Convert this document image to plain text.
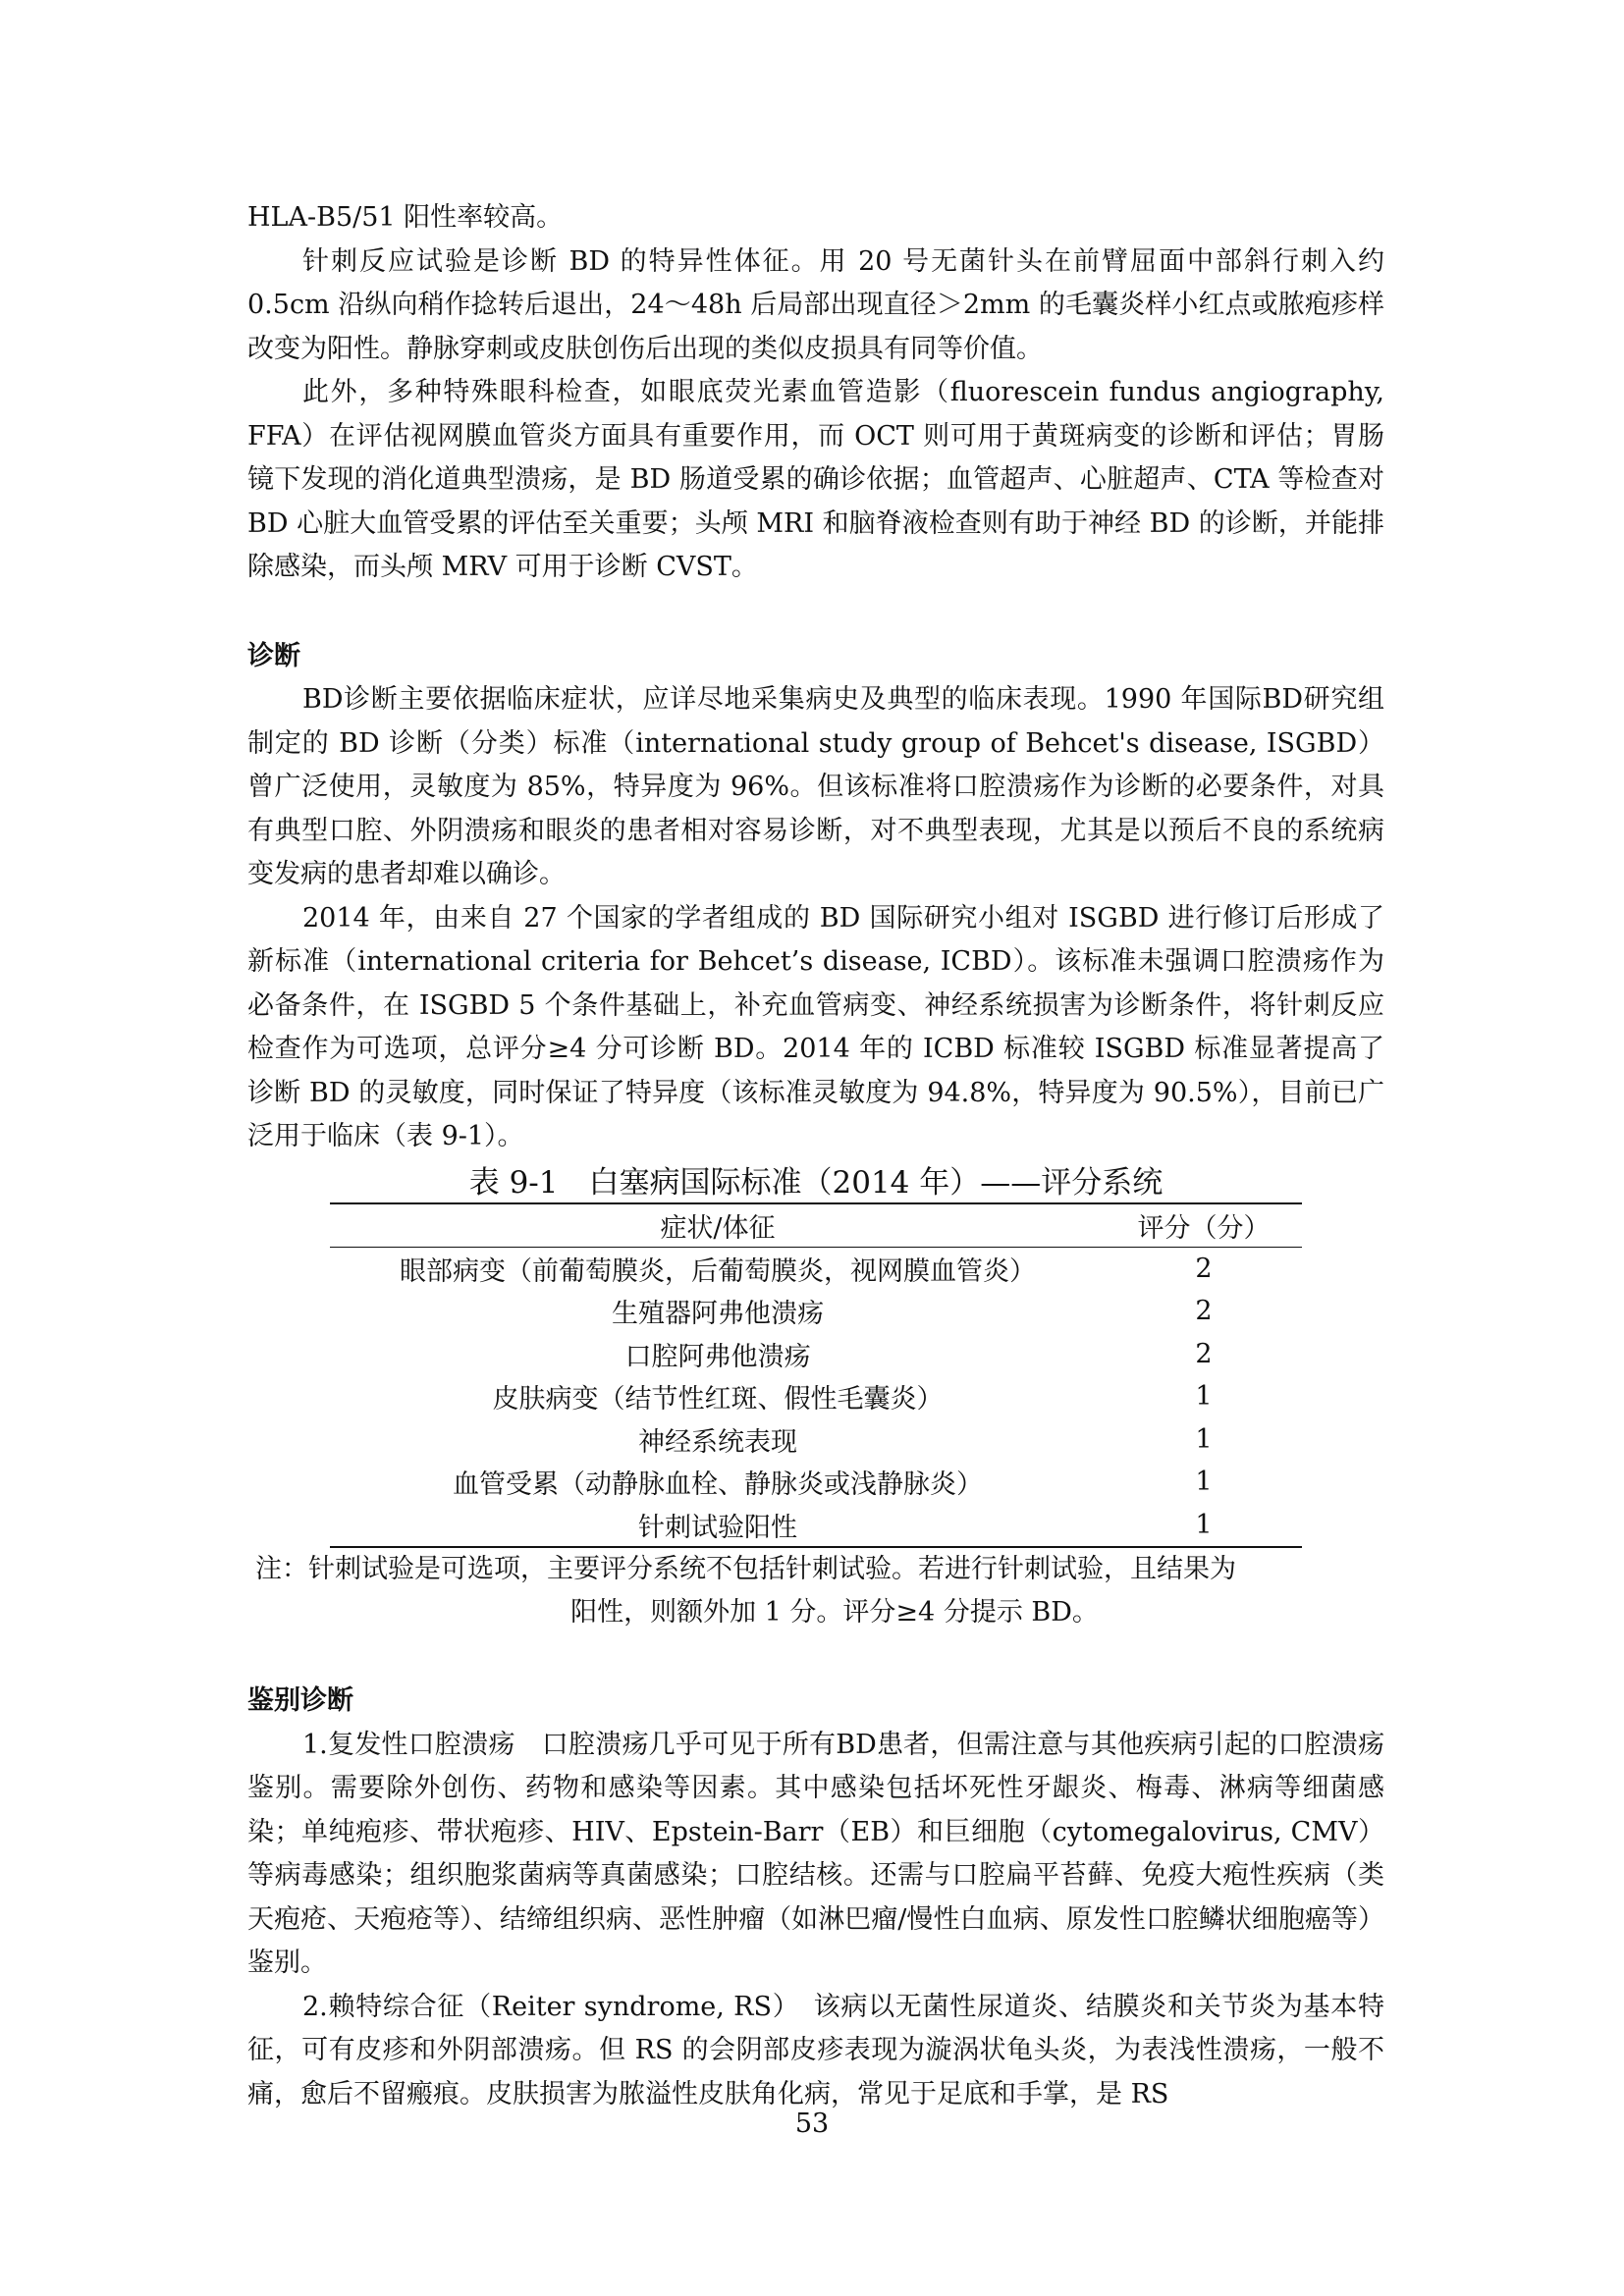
HLA-B5/51 阳性率较高。

针刺反应试验是诊断 BD 的特异性体征。用 20 号无菌针头在前臂屈面中部斜行刺入约 0.5cm 沿纵向稍作捻转后退出，24～48h 后局部出现直径＞2mm 的毛囊炎样小红点或脓疱疹样改变为阳性。静脉穿刺或皮肤创伤后出现的类似皮损具有同等价值。

此外，多种特殊眼科检查，如眼底荧光素血管造影（fluorescein fundus angiography, FFA）在评估视网膜血管炎方面具有重要作用，而 OCT 则可用于黄斑病变的诊断和评估；胃肠镜下发现的消化道典型溃疡，是 BD 肠道受累的确诊依据；血管超声、心脏超声、CTA 等检查对 BD 心脏大血管受累的评估至关重要；头颅 MRI 和脑脊液检查则有助于神经 BD 的诊断，并能排除感染，而头颅 MRV 可用于诊断 CVST。

诊断

BD诊断主要依据临床症状，应详尽地采集病史及典型的临床表现。1990 年国际BD研究组制定的 BD 诊断（分类）标准（international study group of Behcet's disease, ISGBD）曾广泛使用，灵敏度为 85%，特异度为 96%。但该标准将口腔溃疡作为诊断的必要条件，对具有典型口腔、外阴溃疡和眼炎的患者相对容易诊断，对不典型表现，尤其是以预后不良的系统病变发病的患者却难以确诊。

2014 年，由来自 27 个国家的学者组成的 BD 国际研究小组对 ISGBD 进行修订后形成了新标准（international criteria for Behcet’s disease, ICBD）。该标准未强调口腔溃疡作为必备条件，在 ISGBD 5 个条件基础上，补充血管病变、神经系统损害为诊断条件，将针刺反应检查作为可选项，总评分≥4 分可诊断 BD。2014 年的 ICBD 标准较 ISGBD 标准显著提高了诊断 BD 的灵敏度，同时保证了特异度（该标准灵敏度为 94.8%，特异度为 90.5%），目前已广泛用于临床（表 9-1）。

表 9-1　白塞病国际标准（2014 年）——评分系统
症状/体征	评分（分）
眼部病变（前葡萄膜炎，后葡萄膜炎，视网膜血管炎）	2
生殖器阿弗他溃疡	2
口腔阿弗他溃疡	2
皮肤病变（结节性红斑、假性毛囊炎）	1
神经系统表现	1
血管受累（动静脉血栓、静脉炎或浅静脉炎）	1
针刺试验阳性	1
注：针刺试验是可选项，主要评分系统不包括针刺试验。若进行针刺试验，且结果为
阳性，则额外加 1 分。评分≥4 分提示 BD。
鉴别诊断

1.复发性口腔溃疡　口腔溃疡几乎可见于所有BD患者，但需注意与其他疾病引起的口腔溃疡鉴别。需要除外创伤、药物和感染等因素。其中感染包括坏死性牙龈炎、梅毒、淋病等细菌感染；单纯疱疹、带状疱疹、HIV、Epstein-Barr（EB）和巨细胞（cytomegalovirus, CMV）等病毒感染；组织胞浆菌病等真菌感染；口腔结核。还需与口腔扁平苔藓、免疫大疱性疾病（类天疱疮、天疱疮等）、结缔组织病、恶性肿瘤（如淋巴瘤/慢性白血病、原发性口腔鳞状细胞癌等）鉴别。

2.赖特综合征（Reiter syndrome, RS）　该病以无菌性尿道炎、结膜炎和关节炎为基本特征，可有皮疹和外阴部溃疡。但 RS 的会阴部皮疹表现为漩涡状龟头炎，为表浅性溃疡，一般不痛，愈后不留瘢痕。皮肤损害为脓溢性皮肤角化病，常见于足底和手掌，是 RS

53
